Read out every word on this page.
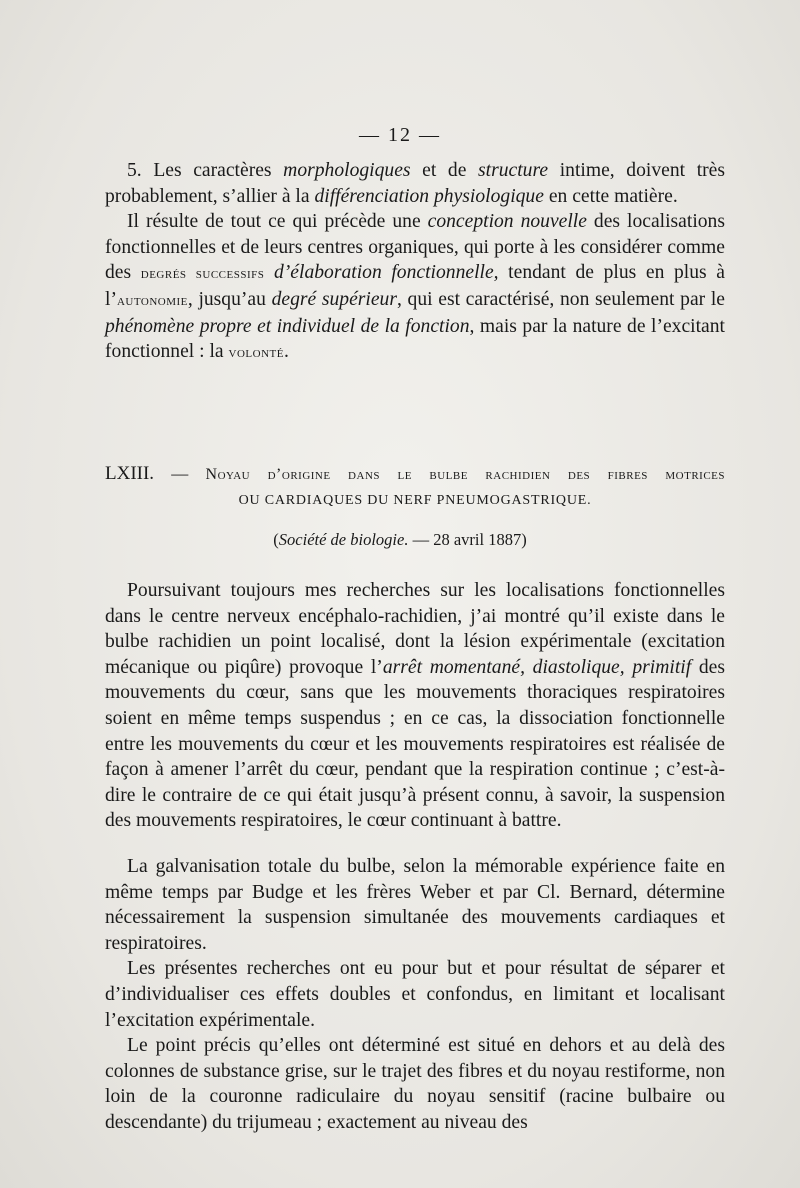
— 12 —

5. Les caractères morphologiques et de structure intime, doivent très probablement, s’allier à la différenciation physiologique en cette matière.

Il résulte de tout ce qui précède une conception nouvelle des localisations fonctionnelles et de leurs centres organiques, qui porte à les considérer comme des degrés successifs d’élaboration fonctionnelle, tendant de plus en plus à l’autonomie, jusqu’au degré supérieur, qui est caractérisé, non seulement par le phénomène propre et individuel de la fonction, mais par la nature de l’excitant fonctionnel : la volonté.

LXIII. — Noyau d’origine dans le bulbe rachidien des fibres motrices
OU CARDIAQUES DU NERF PNEUMOGASTRIQUE.
(Société de biologie. — 28 avril 1887)

Poursuivant toujours mes recherches sur les localisations fonctionnelles dans le centre nerveux encéphalo-rachidien, j’ai montré qu’il existe dans le bulbe rachidien un point localisé, dont la lésion expérimentale (excitation mécanique ou piqûre) provoque l’arrêt momentané, diastolique, primitif des mouvements du cœur, sans que les mouvements thoraciques respiratoires soient en même temps suspendus ; en ce cas, la dissociation fonctionnelle entre les mouvements du cœur et les mouvements respiratoires est réalisée de façon à amener l’arrêt du cœur, pendant que la respiration continue ; c’est-à-dire le contraire de ce qui était jusqu’à présent connu, à savoir, la suspension des mouvements respiratoires, le cœur continuant à battre.

La galvanisation totale du bulbe, selon la mémorable expérience faite en même temps par Budge et les frères Weber et par Cl. Bernard, détermine nécessairement la suspension simultanée des mouvements cardiaques et respiratoires.

Les présentes recherches ont eu pour but et pour résultat de séparer et d’individualiser ces effets doubles et confondus, en limitant et localisant l’excitation expérimentale.

Le point précis qu’elles ont déterminé est situé en dehors et au delà des colonnes de substance grise, sur le trajet des fibres et du noyau restiforme, non loin de la couronne radiculaire du noyau sensitif (racine bulbaire ou descendante) du trijumeau ; exactement au niveau des
